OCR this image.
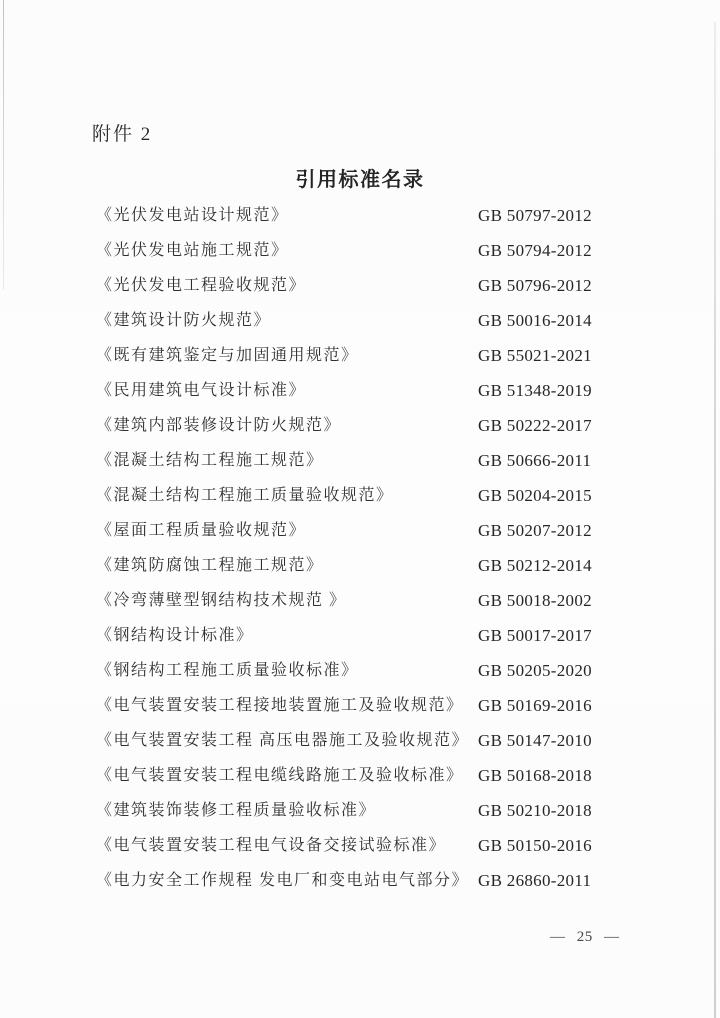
附件 2
引用标准名录
《光伏发电站设计规范》	GB 50797-2012
《光伏发电站施工规范》	GB 50794-2012
《光伏发电工程验收规范》	GB 50796-2012
《建筑设计防火规范》	GB 50016-2014
《既有建筑鉴定与加固通用规范》	GB 55021-2021
《民用建筑电气设计标准》	GB 51348-2019
《建筑内部装修设计防火规范》	GB 50222-2017
《混凝土结构工程施工规范》	GB 50666-2011
《混凝土结构工程施工质量验收规范》	GB 50204-2015
《屋面工程质量验收规范》	GB 50207-2012
《建筑防腐蚀工程施工规范》	GB 50212-2014
《冷弯薄壁型钢结构技术规范 》	GB 50018-2002
《钢结构设计标准》	GB 50017-2017
《钢结构工程施工质量验收标准》	GB 50205-2020
《电气装置安装工程接地装置施工及验收规范》 GB 50169-2016
《电气装置安装工程 高压电器施工及验收规范》 GB 50147-2010
《电气装置安装工程电缆线路施工及验收标准》 GB 50168-2018
《建筑装饰装修工程质量验收标准》	GB 50210-2018
《电气装置安装工程电气设备交接试验标准》	GB 50150-2016
《电力安全工作规程 发电厂和变电站电气部分》 GB 26860-2011
— 25 —
